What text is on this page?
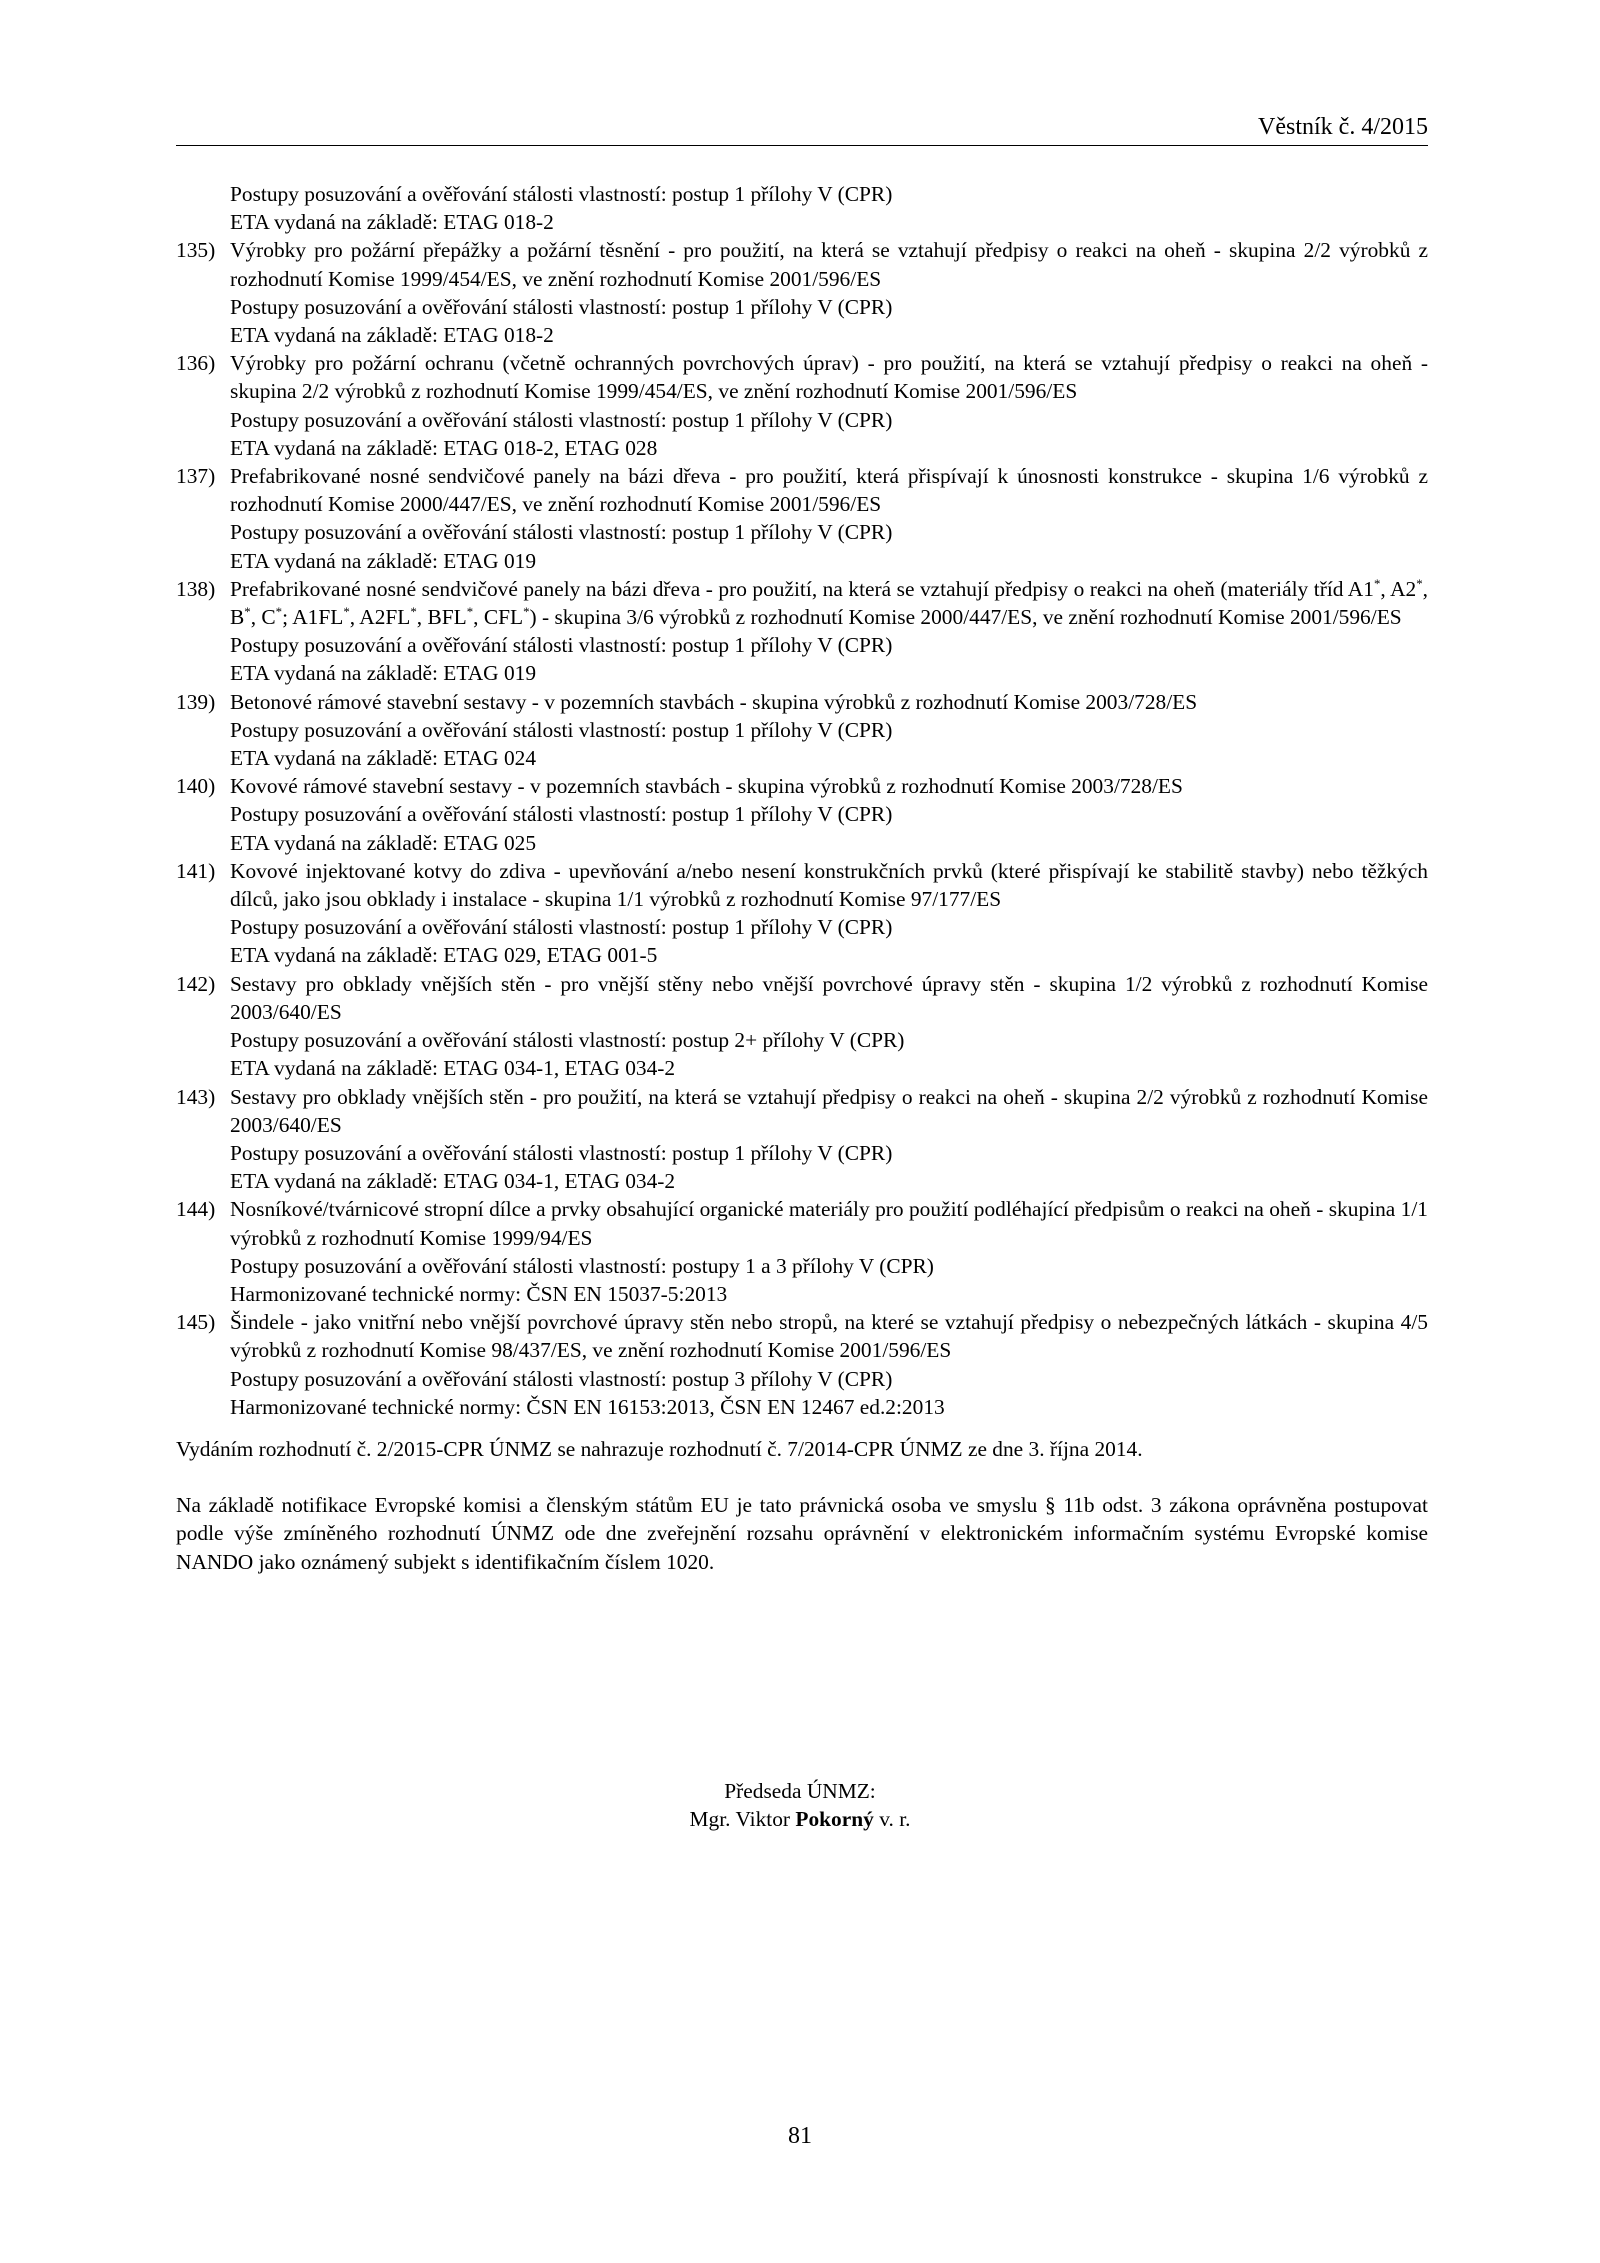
Věstník č. 4/2015
Postupy posuzování a ověřování stálosti vlastností: postup 1 přílohy V (CPR)
ETA vydaná na základě: ETAG 018-2
135) Výrobky pro požární přepážky a požární těsnění - pro použití, na která se vztahují předpisy o reakci na oheň - skupina 2/2 výrobků z rozhodnutí Komise 1999/454/ES, ve znění rozhodnutí Komise 2001/596/ES
Postupy posuzování a ověřování stálosti vlastností: postup 1 přílohy V (CPR)
ETA vydaná na základě: ETAG 018-2
136) Výrobky pro požární ochranu (včetně ochranných povrchových úprav) - pro použití, na která se vztahují předpisy o reakci na oheň - skupina 2/2 výrobků z rozhodnutí Komise 1999/454/ES, ve znění rozhodnutí Komise 2001/596/ES
Postupy posuzování a ověřování stálosti vlastností: postup 1 přílohy V (CPR)
ETA vydaná na základě: ETAG 018-2, ETAG 028
137) Prefabrikované nosné sendvičové panely na bázi dřeva - pro použití, která přispívají k únosnosti konstrukce - skupina 1/6 výrobků z rozhodnutí Komise 2000/447/ES, ve znění rozhodnutí Komise 2001/596/ES
Postupy posuzování a ověřování stálosti vlastností: postup 1 přílohy V (CPR)
ETA vydaná na základě: ETAG 019
138) Prefabrikované nosné sendvičové panely na bázi dřeva - pro použití, na která se vztahují předpisy o reakci na oheň (materiály tříd A1*, A2*, B*, C*; A1FL*, A2FL*, BFL*, CFL*) - skupina 3/6 výrobků z rozhodnutí Komise 2000/447/ES, ve znění rozhodnutí Komise 2001/596/ES
Postupy posuzování a ověřování stálosti vlastností: postup 1 přílohy V (CPR)
ETA vydaná na základě: ETAG 019
139) Betonové rámové stavební sestavy - v pozemních stavbách - skupina výrobků z rozhodnutí Komise 2003/728/ES
Postupy posuzování a ověřování stálosti vlastností: postup 1 přílohy V (CPR)
ETA vydaná na základě: ETAG 024
140) Kovové rámové stavební sestavy - v pozemních stavbách - skupina výrobků z rozhodnutí Komise 2003/728/ES
Postupy posuzování a ověřování stálosti vlastností: postup 1 přílohy V (CPR)
ETA vydaná na základě: ETAG 025
141) Kovové injektované kotvy do zdiva - upevňování a/nebo nesení konstrukčních prvků (které přispívají ke stabilitě stavby) nebo těžkých dílců, jako jsou obklady i instalace - skupina 1/1 výrobků z rozhodnutí Komise 97/177/ES
Postupy posuzování a ověřování stálosti vlastností: postup 1 přílohy V (CPR)
ETA vydaná na základě: ETAG 029, ETAG 001-5
142) Sestavy pro obklady vnějších stěn - pro vnější stěny nebo vnější povrchové úpravy stěn - skupina 1/2 výrobků z rozhodnutí Komise 2003/640/ES
Postupy posuzování a ověřování stálosti vlastností: postup 2+ přílohy V (CPR)
ETA vydaná na základě: ETAG 034-1, ETAG 034-2
143) Sestavy pro obklady vnějších stěn - pro použití, na která se vztahují předpisy o reakci na oheň - skupina 2/2 výrobků z rozhodnutí Komise 2003/640/ES
Postupy posuzování a ověřování stálosti vlastností: postup 1 přílohy V (CPR)
ETA vydaná na základě: ETAG 034-1, ETAG 034-2
144) Nosníkové/tvárnicové stropní dílce a prvky obsahující organické materiály pro použití podléhající předpisům o reakci na oheň - skupina 1/1 výrobků z rozhodnutí Komise 1999/94/ES
Postupy posuzování a ověřování stálosti vlastností: postupy 1 a 3 přílohy V (CPR)
Harmonizované technické normy: ČSN EN 15037-5:2013
145) Šindele - jako vnitřní nebo vnější povrchové úpravy stěn nebo stropů, na které se vztahují předpisy o nebezpečných látkách - skupina 4/5 výrobků z rozhodnutí Komise 98/437/ES, ve znění rozhodnutí Komise 2001/596/ES
Postupy posuzování a ověřování stálosti vlastností: postup 3 přílohy V (CPR)
Harmonizované technické normy: ČSN EN 16153:2013, ČSN EN 12467 ed.2:2013
Vydáním rozhodnutí č. 2/2015-CPR ÚNMZ se nahrazuje rozhodnutí č. 7/2014-CPR ÚNMZ ze dne 3. října 2014.
Na základě notifikace Evropské komisi a členským státům EU je tato právnická osoba ve smyslu § 11b odst. 3 zákona oprávněna postupovat podle výše zmíněného rozhodnutí ÚNMZ ode dne zveřejnění rozsahu oprávnění v elektronickém informačním systému Evropské komise NANDO jako oznámený subjekt s identifikačním číslem 1020.
Předseda ÚNMZ:
Mgr. Viktor Pokorný v. r.
81
